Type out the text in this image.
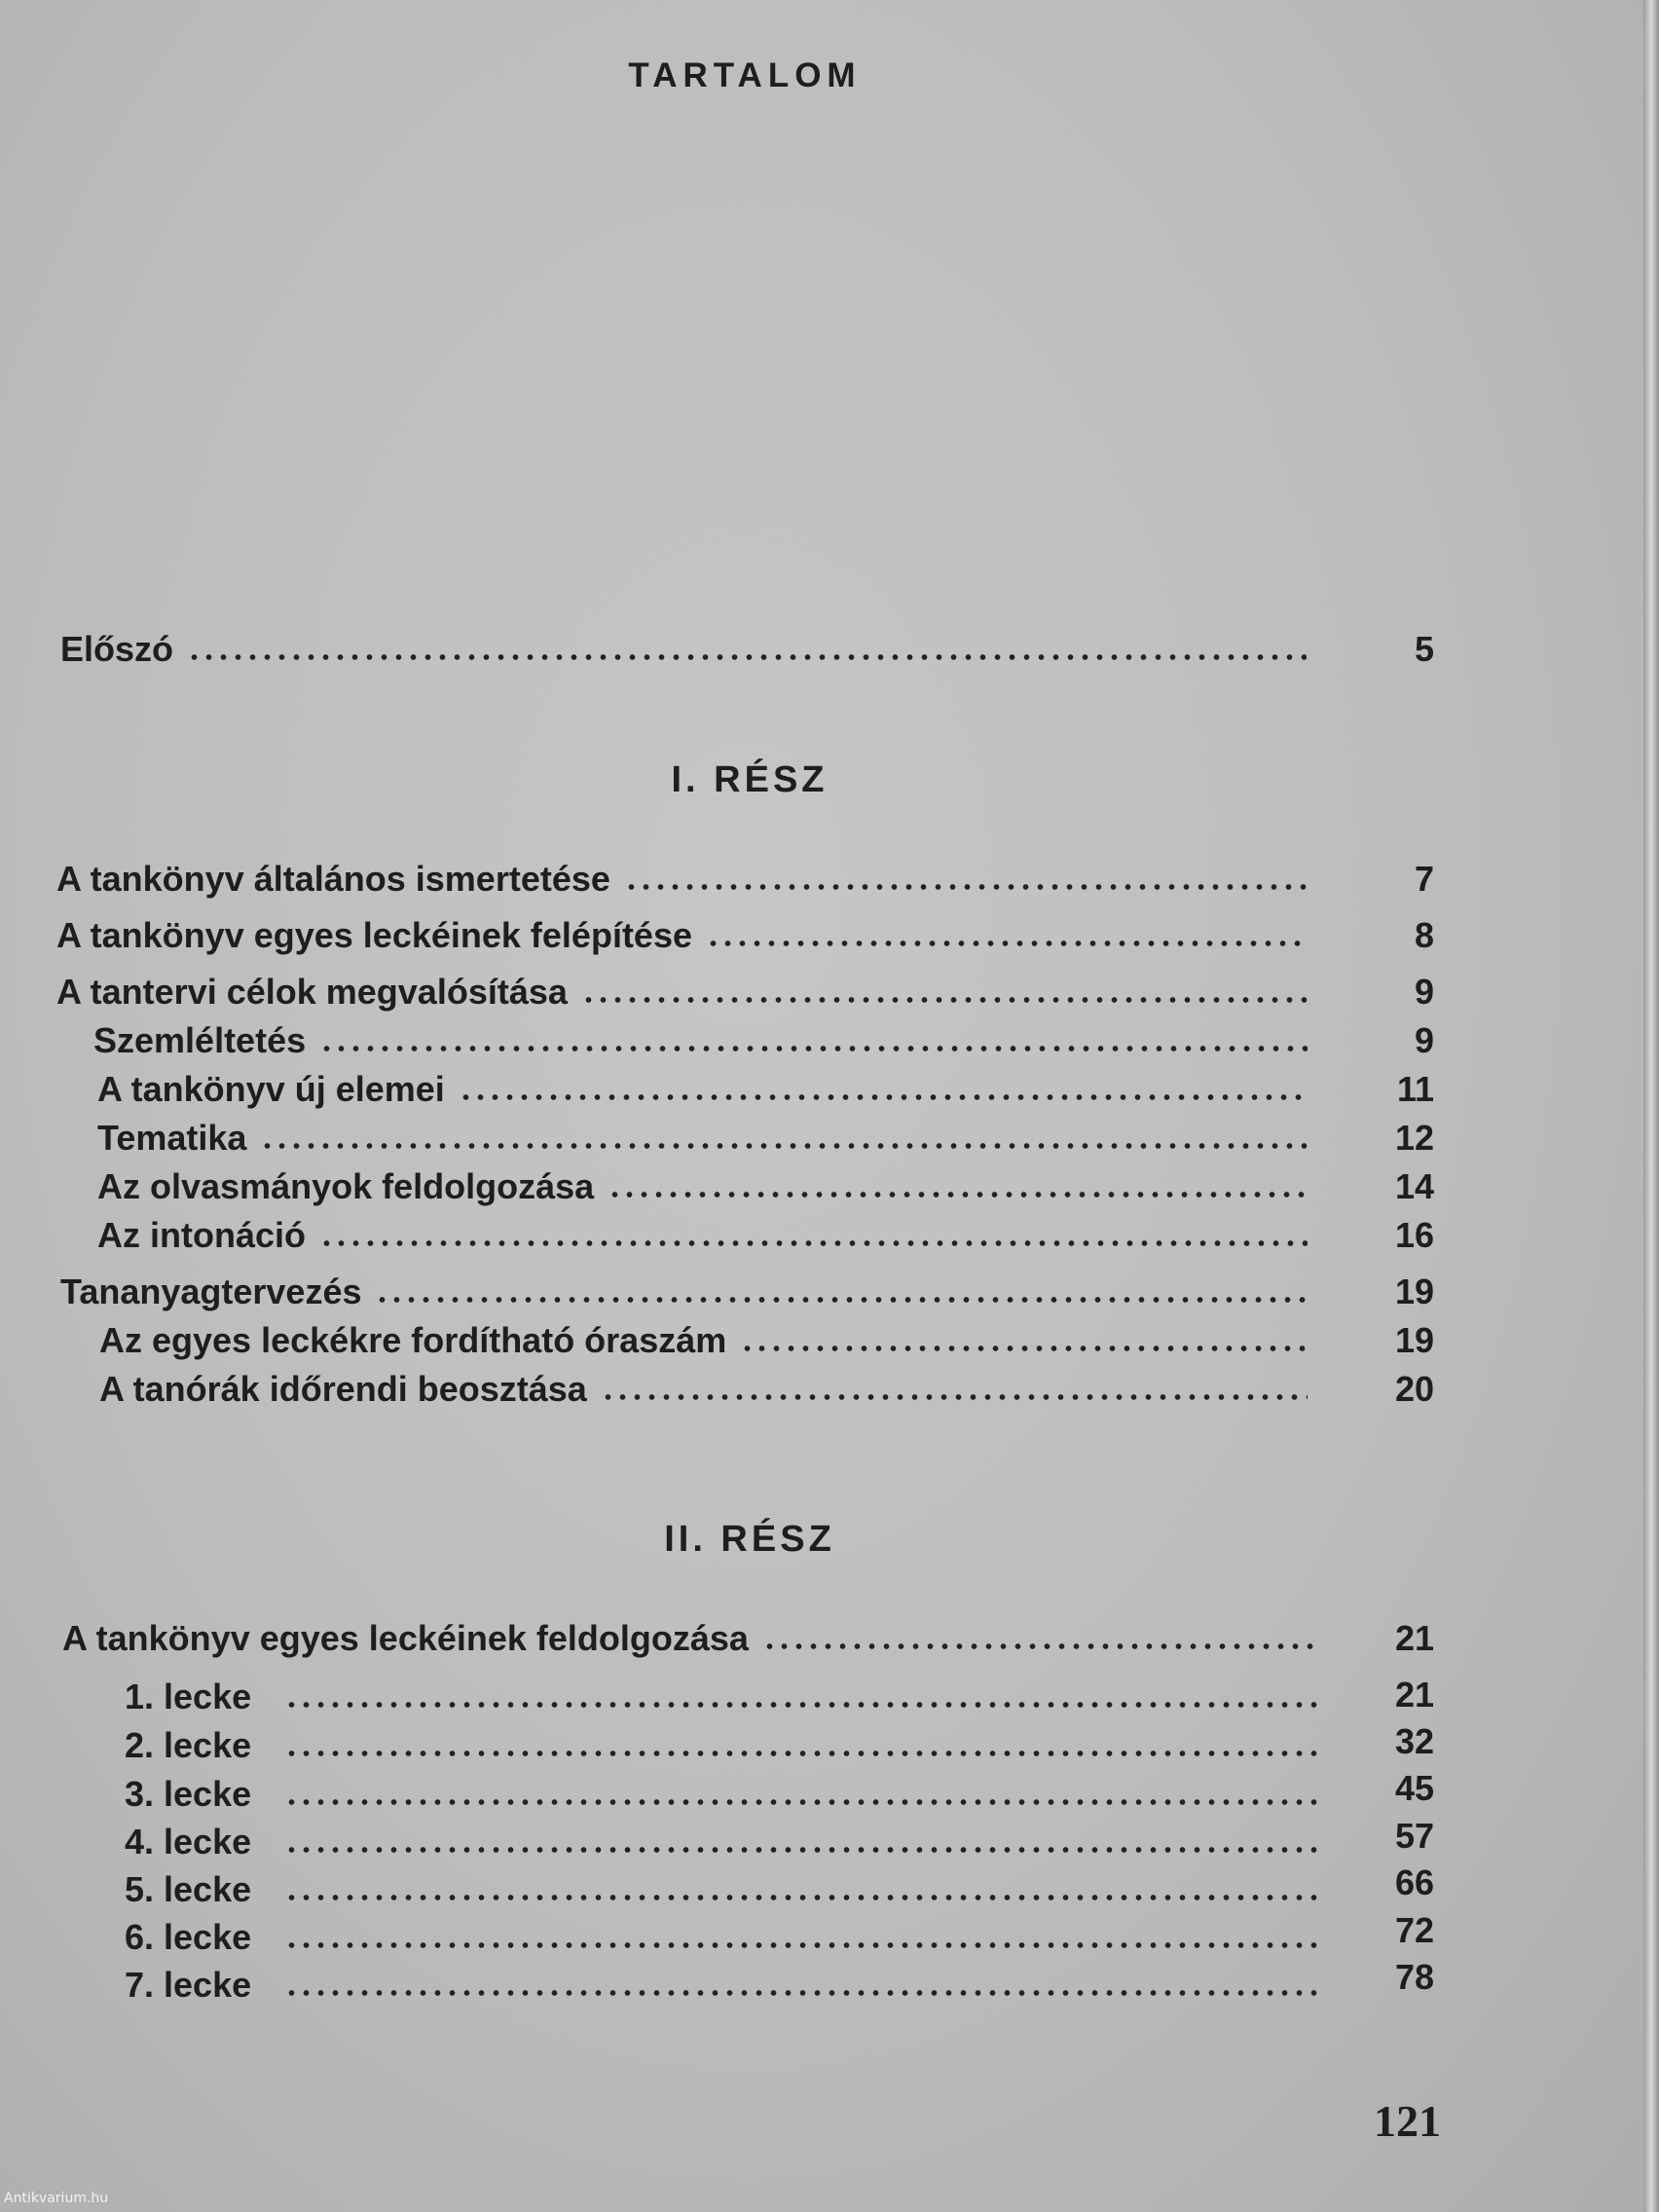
TARTALOM
Előszó	5
I. RÉSZ
A tankönyv általános ismertetése	7
A tankönyv egyes leckéinek felépítése	8
A tantervi célok megvalósítása	9
Szemléltetés	9
A tankönyv új elemei	11
Tematika	12
Az olvasmányok feldolgozása	14
Az intonáció	16
Tananyagtervezés	19
Az egyes leckékre fordítható óraszám	19
A tanórák időrendi beosztása	20
II. RÉSZ
A tankönyv egyes leckéinek feldolgozása	21
1. lecke	21
2. lecke	32
3. lecke	45
4. lecke	57
5. lecke	66
6. lecke	72
7. lecke	78
121
Antikvarium.hu
